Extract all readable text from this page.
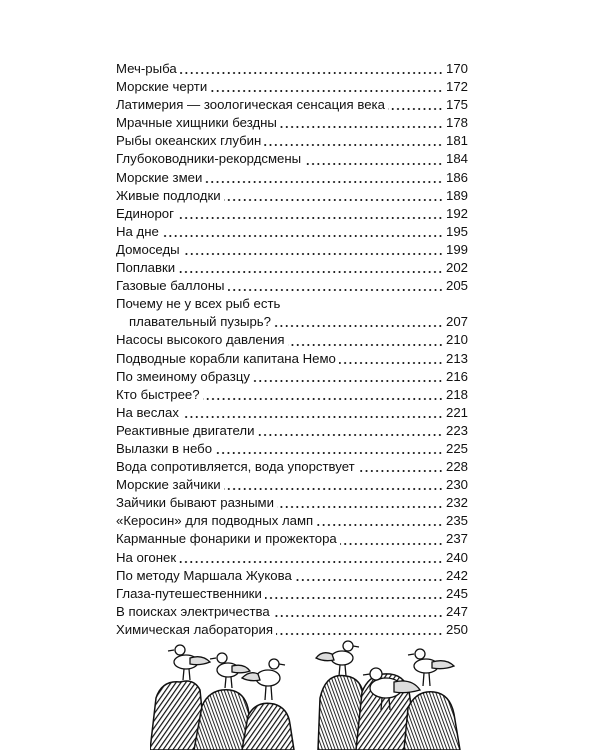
Меч-рыба	170
Морские черти	172
Латимерия — зоологическая сенсация века	175
Мрачные хищники бездны	178
Рыбы океанских глубин	181
Глубоководники-рекордсмены	184
Морские змеи	186
Живые подлодки	189
Единорог	192
На дне	195
Домоседы	199
Поплавки	202
Газовые баллоны	205
Почему не у всех рыб есть
плавательный пузырь?	207
Насосы высокого давления	210
Подводные корабли капитана Немо	213
По змеиному образцу	216
Кто быстрее?	218
На веслах	221
Реактивные двигатели	223
Вылазки в небо	225
Вода сопротивляется, вода упорствует	228
Морские зайчики	230
Зайчики бывают разными	232
«Керосин» для подводных ламп	235
Карманные фонарики и прожектора	237
На огонек	240
По методу Маршала Жукова	242
Глаза-путешественники	245
В поисках электричества	247
Химическая лаборатория	250
